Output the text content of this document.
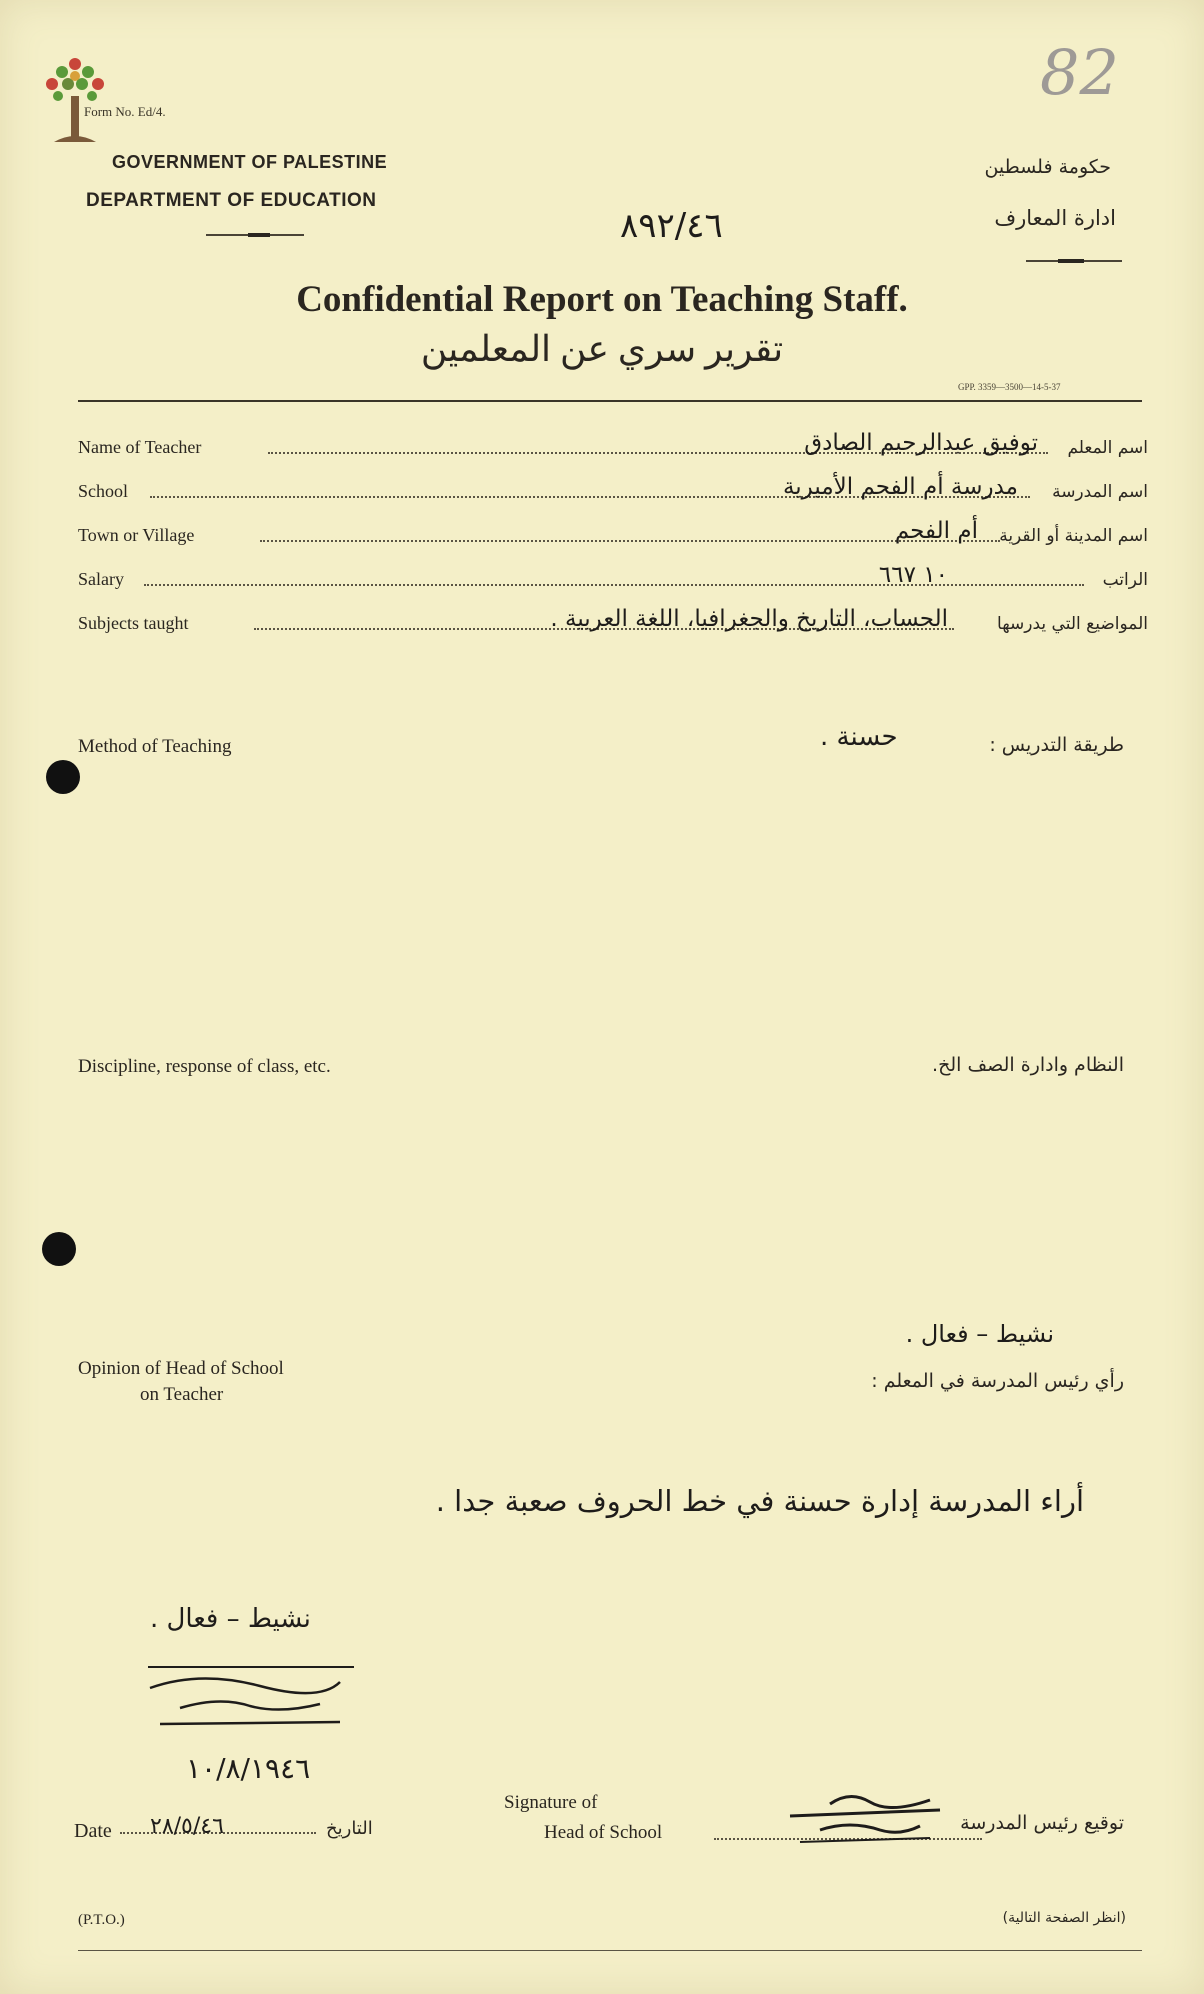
Form No. Ed/4.
GOVERNMENT OF PALESTINE
DEPARTMENT OF EDUCATION
حكومة فلسطين
ادارة المعارف
82
٨٩٢/٤٦
Confidential Report on Teaching Staff.
تقرير سري عن المعلمين
GPP. 3359—3500—14-5-37
Name of Teacher	توفيق عبدالرحيم الصادق اسم المعلم
School	مدرسة أم الفحم الأميرية اسم المدرسة
Town or Village	أم الفحم اسم المدينة أو القرية
Salary	١٠ ٦٦٧	الراتب
Subjects taught	الحساب، التاريخ والجغرافيا، اللغة العربية .	المواضيع التي يدرسها
Method of Teaching	حسنة .	طريقة التدريس :
Discipline, response of class, etc.	النظام وادارة الصف الخ.
Opinion of Head of School
on Teacher
نشيط – فعال .
رأي رئيس المدرسة في المعلم :
أراء المدرسة إدارة حسنة في خط الحروف صعبة جدا .
نشيط – فعال .
١٠/٨/١٩٤٦
Date ٢٨/٥/٤٦	التاريخ
Signature of
Head of School	توقيع رئيس المدرسة
(P.T.O.)	(انظر الصفحة التالية)
